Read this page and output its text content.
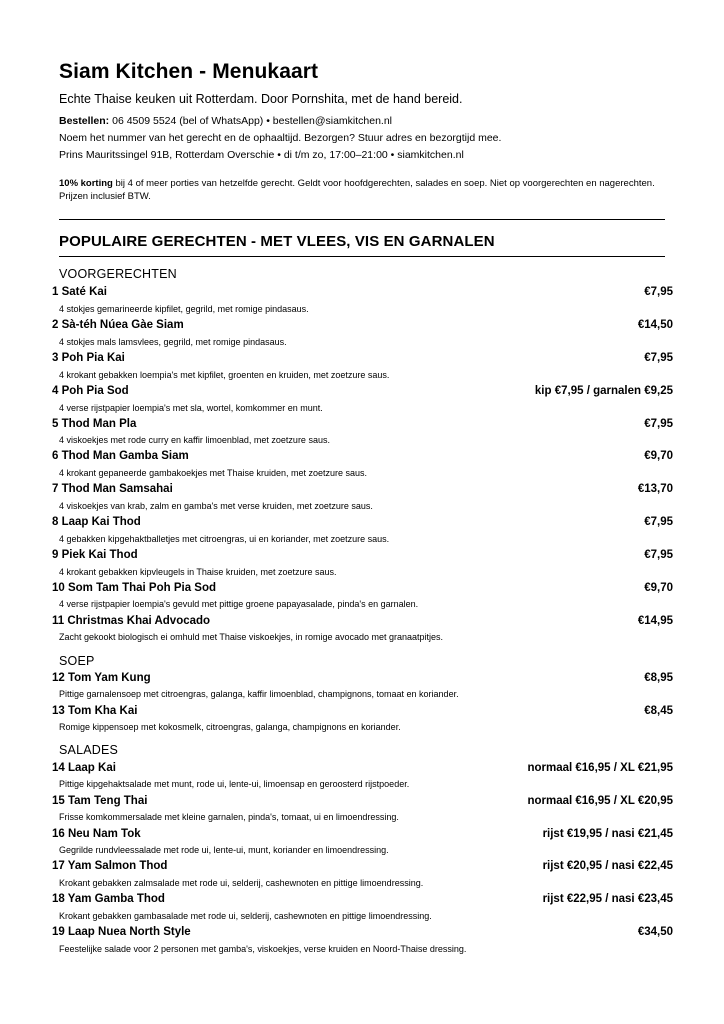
Siam Kitchen - Menukaart
Echte Thaise keuken uit Rotterdam. Door Pornshita, met de hand bereid.
Bestellen: 06 4509 5524 (bel of WhatsApp) • bestellen@siamkitchen.nl
Noem het nummer van het gerecht en de ophaaltijd. Bezorgen? Stuur adres en bezorgtijd mee.
Prins Mauritssingel 91B, Rotterdam Overschie • di t/m zo, 17:00–21:00 • siamkitchen.nl
10% korting bij 4 of meer porties van hetzelfde gerecht. Geldt voor hoofdgerechten, salades en soep. Niet op voorgerechten en nagerechten. Prijzen inclusief BTW.
POPULAIRE GERECHTEN - MET VLEES, VIS EN GARNALEN
VOORGERECHTEN
1 Saté Kai	€7,95
4 stokjes gemarineerde kipfilet, gegrild, met romige pindasaus.
2 Sà-téh Núea Gàe Siam	€14,50
4 stokjes mals lamsvlees, gegrild, met romige pindasaus.
3 Poh Pia Kai	€7,95
4 krokant gebakken loempia's met kipfilet, groenten en kruiden, met zoetzure saus.
4 Poh Pia Sod	kip €7,95 / garnalen €9,25
4 verse rijstpapier loempia's met sla, wortel, komkommer en munt.
5 Thod Man Pla	€7,95
4 viskoekjes met rode curry en kaffir limoenblad, met zoetzure saus.
6 Thod Man Gamba Siam	€9,70
4 krokant gepaneerde gambakoekjes met Thaise kruiden, met zoetzure saus.
7 Thod Man Samsahai	€13,70
4 viskoekjes van krab, zalm en gamba's met verse kruiden, met zoetzure saus.
8 Laap Kai Thod	€7,95
4 gebakken kipgehaktballetjes met citroengras, ui en koriander, met zoetzure saus.
9 Piek Kai Thod	€7,95
4 krokant gebakken kipvleugels in Thaise kruiden, met zoetzure saus.
10 Som Tam Thai Poh Pia Sod	€9,70
4 verse rijstpapier loempia's gevuld met pittige groene papayasalade, pinda's en garnalen.
11 Christmas Khai Advocado	€14,95
Zacht gekookt biologisch ei omhuld met Thaise viskoekjes, in romige avocado met granaatpitjes.
SOEP
12 Tom Yam Kung	€8,95
Pittige garnalensoep met citroengras, galanga, kaffir limoenblad, champignons, tomaat en koriander.
13 Tom Kha Kai	€8,45
Romige kippensoep met kokosmelk, citroengras, galanga, champignons en koriander.
SALADES
14 Laap Kai	normaal €16,95 / XL €21,95
Pittige kipgehaktsalade met munt, rode ui, lente-ui, limoensap en geroosterd rijstpoeder.
15 Tam Teng Thai	normaal €16,95 / XL €20,95
Frisse komkommersalade met kleine garnalen, pinda's, tomaat, ui en limoendressing.
16 Neu Nam Tok	rijst €19,95 / nasi €21,45
Gegrilde rundvleessalade met rode ui, lente-ui, munt, koriander en limoendressing.
17 Yam Salmon Thod	rijst €20,95 / nasi €22,45
Krokant gebakken zalmsalade met rode ui, selderij, cashewnoten en pittige limoendressing.
18 Yam Gamba Thod	rijst €22,95 / nasi €23,45
Krokant gebakken gambasalade met rode ui, selderij, cashewnoten en pittige limoendressing.
19 Laap Nuea North Style	€34,50
Feestelijke salade voor 2 personen met gamba's, viskoekjes, verse kruiden en Noord-Thaise dressing.
